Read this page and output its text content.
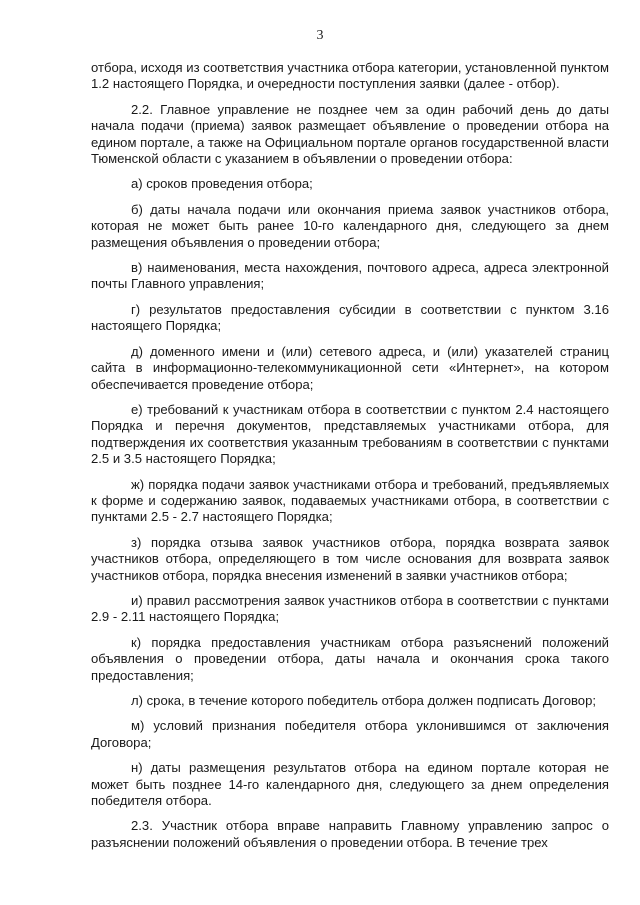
3

отбора, исходя из соответствия участника отбора категории, установленной пунктом 1.2 настоящего Порядка, и очередности поступления заявки (далее - отбор).

2.2. Главное управление не позднее чем за один рабочий день до даты начала подачи (приема) заявок размещает объявление о проведении отбора на едином портале, а также на Официальном портале органов государственной власти Тюменской области с указанием в объявлении о проведении отбора:

а) сроков проведения отбора;

б) даты начала подачи или окончания приема заявок участников отбора, которая не может быть ранее 10-го календарного дня, следующего за днем размещения объявления о проведении отбора;

в) наименования, места нахождения, почтового адреса, адреса электронной почты Главного управления;

г) результатов предоставления субсидии в соответствии с пунктом 3.16 настоящего Порядка;

д) доменного имени и (или) сетевого адреса, и (или) указателей страниц сайта в информационно-телекоммуникационной сети «Интернет», на котором обеспечивается проведение отбора;

е) требований к участникам отбора в соответствии с пунктом 2.4 настоящего Порядка и перечня документов, представляемых участниками отбора, для подтверждения их соответствия указанным требованиям в соответствии с пунктами 2.5 и 3.5 настоящего Порядка;

ж) порядка подачи заявок участниками отбора и требований, предъявляемых к форме и содержанию заявок, подаваемых участниками отбора, в соответствии с пунктами 2.5 - 2.7 настоящего Порядка;

з) порядка отзыва заявок участников отбора, порядка возврата заявок участников отбора, определяющего в том числе основания для возврата заявок участников отбора, порядка внесения изменений в заявки участников отбора;

и) правил рассмотрения заявок участников отбора в соответствии с пунктами 2.9 - 2.11 настоящего Порядка;

к) порядка предоставления участникам отбора разъяснений положений объявления о проведении отбора, даты начала и окончания срока такого предоставления;

л) срока, в течение которого победитель отбора должен подписать Договор;

м) условий признания победителя отбора уклонившимся от заключения Договора;

н) даты размещения результатов отбора на едином портале которая не может быть позднее 14-го календарного дня, следующего за днем определения победителя отбора.

2.3. Участник отбора вправе направить Главному управлению запрос о разъяснении положений объявления о проведении отбора. В течение трех
